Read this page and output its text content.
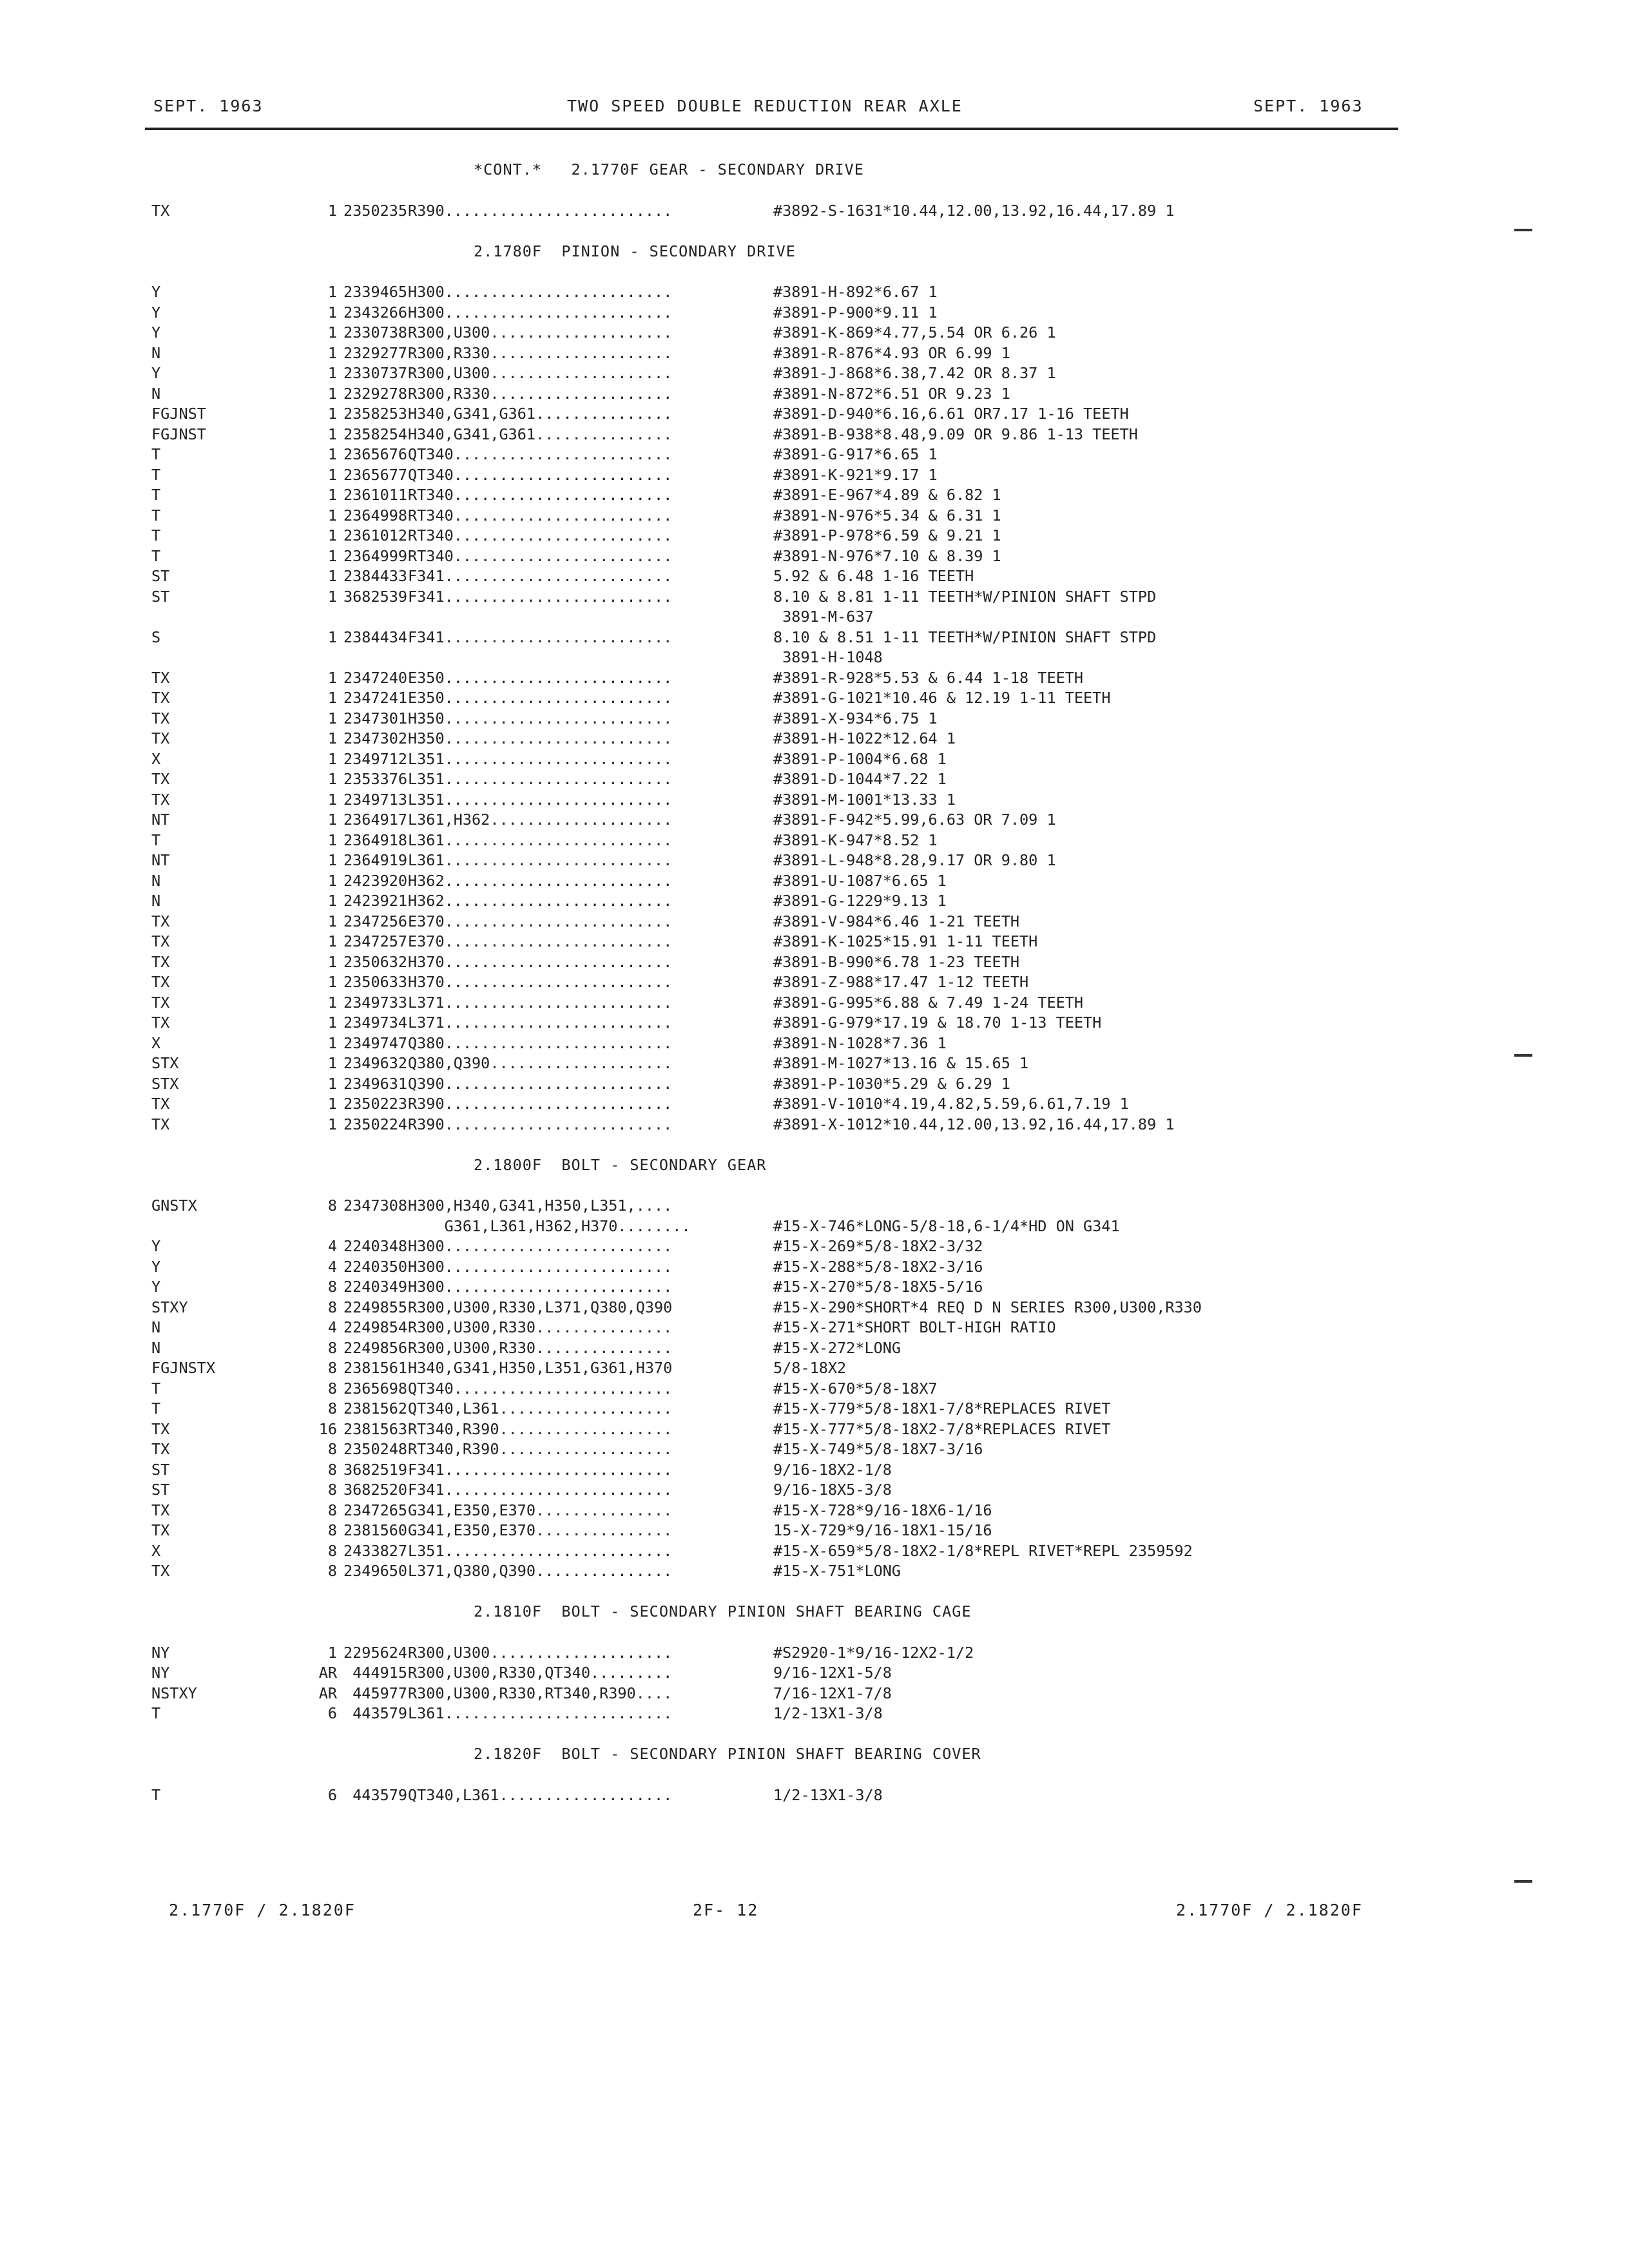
SEPT. 1963	TWO SPEED DOUBLE REDUCTION REAR AXLE	SEPT. 1963
*CONT.*   2.1770F GEAR - SECONDARY DRIVE
TX	1 2350235 R390.........................	#3892-S-1631*10.44,12.00,13.92,16.44,17.89 1
2.1780F  PINION - SECONDARY DRIVE
Y	1 2339465 H300.........................	#3891-H-892*6.67 1
Y	1 2343266 H300.........................	#3891-P-900*9.11 1
Y	1 2330738 R300,U300....................	#3891-K-869*4.77,5.54 OR 6.26 1
N	1 2329277 R300,R330....................	#3891-R-876*4.93 OR 6.99 1
Y	1 2330737 R300,U300....................	#3891-J-868*6.38,7.42 OR 8.37 1
N	1 2329278 R300,R330....................	#3891-N-872*6.51 OR 9.23 1
FGJNST	1 2358253 H340,G341,G361...............	#3891-D-940*6.16,6.61 OR7.17 1-16 TEETH
FGJNST	1 2358254 H340,G341,G361...............	#3891-B-938*8.48,9.09 OR 9.86 1-13 TEETH
T	1 2365676 QT340........................	#3891-G-917*6.65 1
T	1 2365677 QT340........................	#3891-K-921*9.17 1
T	1 2361011 RT340........................	#3891-E-967*4.89 & 6.82 1
T	1 2364998 RT340........................	#3891-N-976*5.34 & 6.31 1
T	1 2361012 RT340........................	#3891-P-978*6.59 & 9.21 1
T	1 2364999 RT340........................	#3891-N-976*7.10 & 8.39 1
ST	1 2384433 F341.........................	5.92 & 6.48 1-16 TEETH
ST	1 3682539 F341.........................	8.10 & 8.81 1-11 TEETH*W/PINION SHAFT STPD
3891-M-637
S	1 2384434 F341.........................	8.10 & 8.51 1-11 TEETH*W/PINION SHAFT STPD
3891-H-1048
TX	1 2347240 E350.........................	#3891-R-928*5.53 & 6.44 1-18 TEETH
TX	1 2347241 E350.........................	#3891-G-1021*10.46 & 12.19 1-11 TEETH
TX	1 2347301 H350.........................	#3891-X-934*6.75 1
TX	1 2347302 H350.........................	#3891-H-1022*12.64 1
X	1 2349712 L351.........................	#3891-P-1004*6.68 1
TX	1 2353376 L351.........................	#3891-D-1044*7.22 1
TX	1 2349713 L351.........................	#3891-M-1001*13.33 1
NT	1 2364917 L361,H362....................	#3891-F-942*5.99,6.63 OR 7.09 1
T	1 2364918 L361.........................	#3891-K-947*8.52 1
NT	1 2364919 L361.........................	#3891-L-948*8.28,9.17 OR 9.80 1
N	1 2423920 H362.........................	#3891-U-1087*6.65 1
N	1 2423921 H362.........................	#3891-G-1229*9.13 1
TX	1 2347256 E370.........................	#3891-V-984*6.46 1-21 TEETH
TX	1 2347257 E370.........................	#3891-K-1025*15.91 1-11 TEETH
TX	1 2350632 H370.........................	#3891-B-990*6.78 1-23 TEETH
TX	1 2350633 H370.........................	#3891-Z-988*17.47 1-12 TEETH
TX	1 2349733 L371.........................	#3891-G-995*6.88 & 7.49 1-24 TEETH
TX	1 2349734 L371.........................	#3891-G-979*17.19 & 18.70 1-13 TEETH
X	1 2349747 Q380.........................	#3891-N-1028*7.36 1
STX	1 2349632 Q380,Q390....................	#3891-M-1027*13.16 & 15.65 1
STX	1 2349631 Q390.........................	#3891-P-1030*5.29 & 6.29 1
TX	1 2350223 R390.........................	#3891-V-1010*4.19,4.82,5.59,6.61,7.19 1
TX	1 2350224 R390.........................	#3891-X-1012*10.44,12.00,13.92,16.44,17.89 1
2.1800F  BOLT - SECONDARY GEAR
GNSTX	8 2347308 H300,H340,G341,H350,L351,....
G361,L361,H362,H370........	#15-X-746*LONG-5/8-18,6-1/4*HD ON G341
Y	4 2240348 H300.........................	#15-X-269*5/8-18X2-3/32
Y	4 2240350 H300.........................	#15-X-288*5/8-18X2-3/16
Y	8 2240349 H300.........................	#15-X-270*5/8-18X5-5/16
STXY	8 2249855 R300,U300,R330,L371,Q380,Q390	#15-X-290*SHORT*4 REQ D N SERIES R300,U300,R330
N	4 2249854 R300,U300,R330...............	#15-X-271*SHORT BOLT-HIGH RATIO
N	8 2249856 R300,U300,R330...............	#15-X-272*LONG
FGJNSTX	8 2381561 H340,G341,H350,L351,G361,H370	5/8-18X2
T	8 2365698 QT340........................	#15-X-670*5/8-18X7
T	8 2381562 QT340,L361...................	#15-X-779*5/8-18X1-7/8*REPLACES RIVET
TX	16 2381563 RT340,R390...................	#15-X-777*5/8-18X2-7/8*REPLACES RIVET
TX	8 2350248 RT340,R390...................	#15-X-749*5/8-18X7-3/16
ST	8 3682519 F341.........................	9/16-18X2-1/8
ST	8 3682520 F341.........................	9/16-18X5-3/8
TX	8 2347265 G341,E350,E370...............	#15-X-728*9/16-18X6-1/16
TX	8 2381560 G341,E350,E370...............	15-X-729*9/16-18X1-15/16
X	8 2433827 L351.........................	#15-X-659*5/8-18X2-1/8*REPL RIVET*REPL 2359592
TX	8 2349650 L371,Q380,Q390...............	#15-X-751*LONG
2.1810F  BOLT - SECONDARY PINION SHAFT BEARING CAGE
NY	1 2295624 R300,U300....................	#S2920-1*9/16-12X2-1/2
NY	AR 444915 R300,U300,R330,QT340.........	9/16-12X1-5/8
NSTXY	AR 445977 R300,U300,R330,RT340,R390....	7/16-12X1-7/8
T	6 443579 L361.........................	1/2-13X1-3/8
2.1820F  BOLT - SECONDARY PINION SHAFT BEARING COVER
T	6 443579 QT340,L361...................	1/2-13X1-3/8
2.1770F / 2.1820F	2F- 12	2.1770F / 2.1820F
